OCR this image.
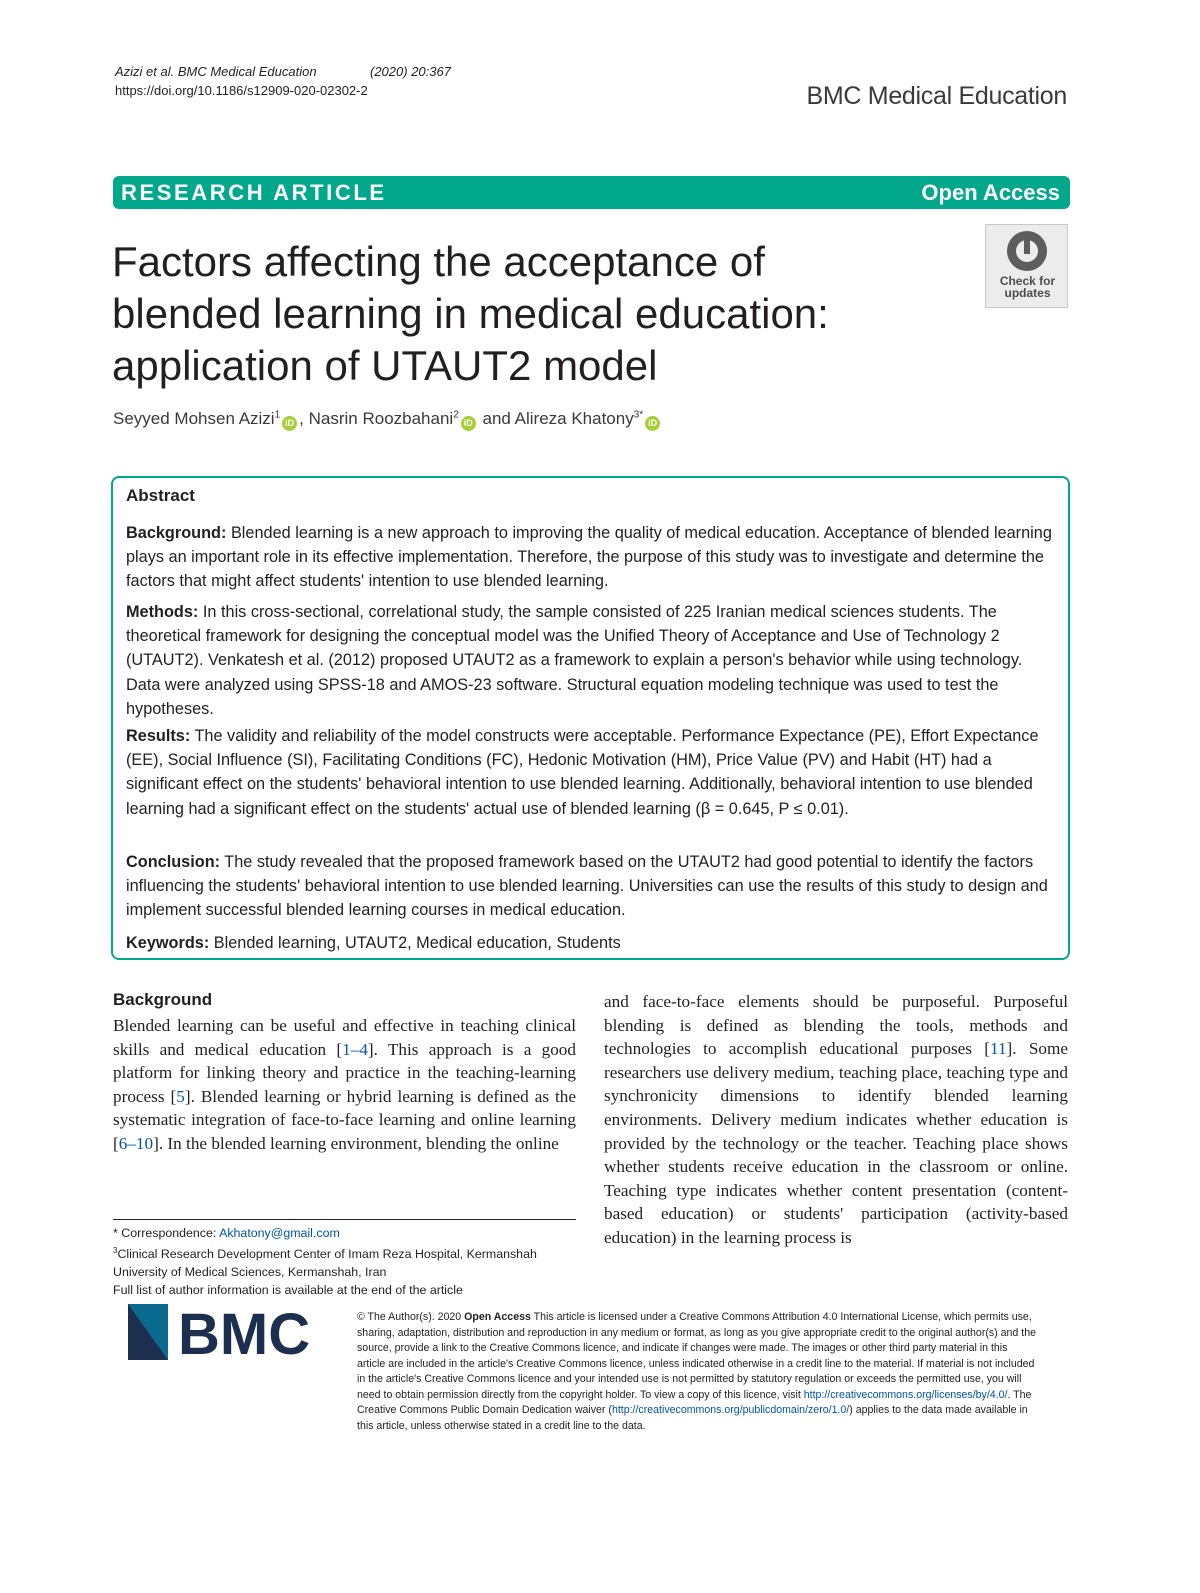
Azizi et al. BMC Medical Education	(2020) 20:367
https://doi.org/10.1186/s12909-020-02302-2	BMC Medical Education
RESEARCH ARTICLE	Open Access
Factors affecting the acceptance of
blended learning in medical education:
application of UTAUT2 model
Check for
updates
Seyyed Mohsen Azizi$^1$iD , Nasrin Roozbahani$^2$iD and Alireza Khatony$^{3*}$iD
Abstract

Background: Blended learning is a new approach to improving the quality of medical education. Acceptance of blended learning plays an important role in its effective implementation. Therefore, the purpose of this study was to investigate and determine the factors that might affect students' intention to use blended learning.

Methods: In this cross-sectional, correlational study, the sample consisted of 225 Iranian medical sciences students. The theoretical framework for designing the conceptual model was the Unified Theory of Acceptance and Use of Technology 2 (UTAUT2). Venkatesh et al. (2012) proposed UTAUT2 as a framework to explain a person's behavior while using technology. Data were analyzed using SPSS-18 and AMOS-23 software. Structural equation modeling technique was used to test the hypotheses.

Results: The validity and reliability of the model constructs were acceptable. Performance Expectance (PE), Effort Expectance (EE), Social Influence (SI), Facilitating Conditions (FC), Hedonic Motivation (HM), Price Value (PV) and Habit (HT) had a significant effect on the students' behavioral intention to use blended learning. Additionally, behavioral intention to use blended learning had a significant effect on the students' actual use of blended learning (β = 0.645, P ≤ 0.01).

Conclusion: The study revealed that the proposed framework based on the UTAUT2 had good potential to identify the factors influencing the students' behavioral intention to use blended learning. Universities can use the results of this study to design and implement successful blended learning courses in medical education.

Keywords: Blended learning, UTAUT2, Medical education, Students

Background

Blended learning can be useful and effective in teaching clinical skills and medical education [1–4]. This approach is a good platform for linking theory and practice in the teaching-learning process [5]. Blended learning or hybrid learning is defined as the systematic integration of face-to-face learning and online learning [6–10]. In the blended learning environment, blending the online

and face-to-face elements should be purposeful. Purposeful blending is defined as blending the tools, methods and technologies to accomplish educational purposes [11]. Some researchers use delivery medium, teaching place, teaching type and synchronicity dimensions to identify blended learning environments. Delivery medium indicates whether education is provided by the technology or the teacher. Teaching place shows whether students receive education in the classroom or online. Teaching type indicates whether content presentation (content-based education) or students' participation (activity-based education) in the learning process is

* Correspondence: Akhatony@gmail.com
$^3$Clinical Research Development Center of Imam Reza Hospital, Kermanshah University of Medical Sciences, Kermanshah, Iran
Full list of author information is available at the end of the article
BMC	© The Author(s). 2020 Open Access This article is licensed under a Creative Commons Attribution 4.0 International License, which permits use, sharing, adaptation, distribution and reproduction in any medium or format, as long as you give appropriate credit to the original author(s) and the source, provide a link to the Creative Commons licence, and indicate if changes were made. The images or other third party material in this article are included in the article's Creative Commons licence, unless indicated otherwise in a credit line to the material. If material is not included in the article's Creative Commons licence and your intended use is not permitted by statutory regulation or exceeds the permitted use, you will need to obtain permission directly from the copyright holder. To view a copy of this licence, visit http://creativecommons.org/licenses/by/4.0/. The Creative Commons Public Domain Dedication waiver (http://creativecommons.org/publicdomain/zero/1.0/) applies to the data made available in this article, unless otherwise stated in a credit line to the data.
